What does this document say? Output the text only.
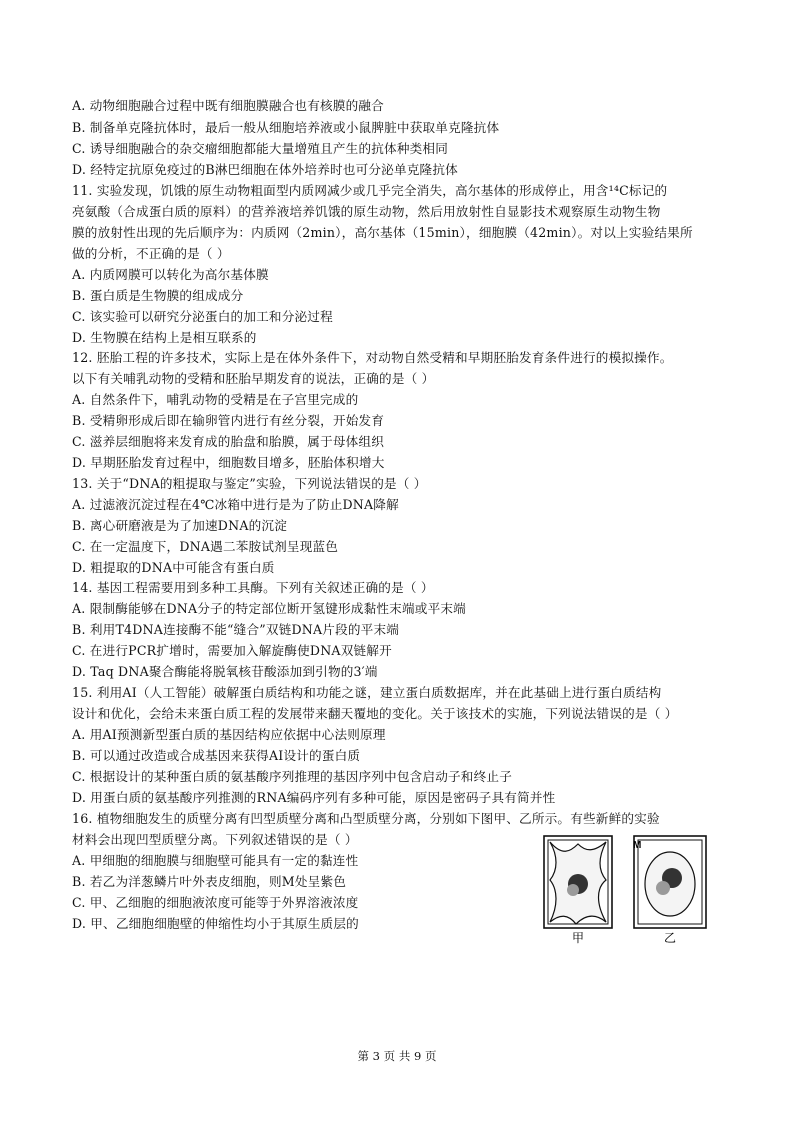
A. 动物细胞融合过程中既有细胞膜融合也有核膜的融合
B. 制备单克隆抗体时，最后一般从细胞培养液或小鼠脾脏中获取单克隆抗体
C. 诱导细胞融合的杂交瘤细胞都能大量增殖且产生的抗体种类相同
D. 经特定抗原免疫过的B淋巴细胞在体外培养时也可分泌单克隆抗体
11. 实验发现，饥饿的原生动物粗面型内质网减少或几乎完全消失，高尔基体的形成停止，用含¹⁴C标记的
亮氨酸（合成蛋白质的原料）的营养液培养饥饿的原生动物，然后用放射性自显影技术观察原生动物生物
膜的放射性出现的先后顺序为：内质网（2min），高尔基体（15min），细胞膜（42min）。对以上实验结果所
做的分析，不正确的是（ ）
A. 内质网膜可以转化为高尔基体膜
B. 蛋白质是生物膜的组成成分
C. 该实验可以研究分泌蛋白的加工和分泌过程
D. 生物膜在结构上是相互联系的
12. 胚胎工程的许多技术，实际上是在体外条件下，对动物自然受精和早期胚胎发育条件进行的模拟操作。
以下有关哺乳动物的受精和胚胎早期发育的说法，正确的是（ ）
A. 自然条件下，哺乳动物的受精是在子宫里完成的
B. 受精卵形成后即在输卵管内进行有丝分裂，开始发育
C. 滋养层细胞将来发育成的胎盘和胎膜，属于母体组织
D. 早期胚胎发育过程中，细胞数目增多，胚胎体积增大
13. 关于“DNA的粗提取与鉴定”实验，下列说法错误的是（ ）
A. 过滤液沉淀过程在4℃冰箱中进行是为了防止DNA降解
B. 离心研磨液是为了加速DNA的沉淀
C. 在一定温度下，DNA遇二苯胺试剂呈现蓝色
D. 粗提取的DNA中可能含有蛋白质
14. 基因工程需要用到多种工具酶。下列有关叙述正确的是（ ）
A. 限制酶能够在DNA分子的特定部位断开氢键形成黏性末端或平末端
B. 利用T4DNA连接酶不能“缝合”双链DNA片段的平末端
C. 在进行PCR扩增时，需要加入解旋酶使DNA双链解开
D. Taq DNA聚合酶能将脱氧核苷酸添加到引物的3′端
15. 利用AI（人工智能）破解蛋白质结构和功能之谜，建立蛋白质数据库，并在此基础上进行蛋白质结构
设计和优化，会给未来蛋白质工程的发展带来翻天覆地的变化。关于该技术的实施，下列说法错误的是（ ）
A. 用AI预测新型蛋白质的基因结构应依据中心法则原理
B. 可以通过改造或合成基因来获得AI设计的蛋白质
C. 根据设计的某种蛋白质的氨基酸序列推理的基因序列中包含启动子和终止子
D. 用蛋白质的氨基酸序列推测的RNA编码序列有多种可能，原因是密码子具有简并性
16. 植物细胞发生的质壁分离有凹型质壁分离和凸型质壁分离，分别如下图甲、乙所示。有些新鲜的实验
材料会出现凹型质壁分离。下列叙述错误的是（ ）
A. 甲细胞的细胞膜与细胞壁可能具有一定的黏连性
B. 若乙为洋葱鳞片叶外表皮细胞，则M处呈紫色
C. 甲、乙细胞的细胞液浓度可能等于外界溶液浓度
D. 甲、乙细胞细胞壁的伸缩性均小于其原生质层的
M
甲	乙
第 3 页 共 9 页
